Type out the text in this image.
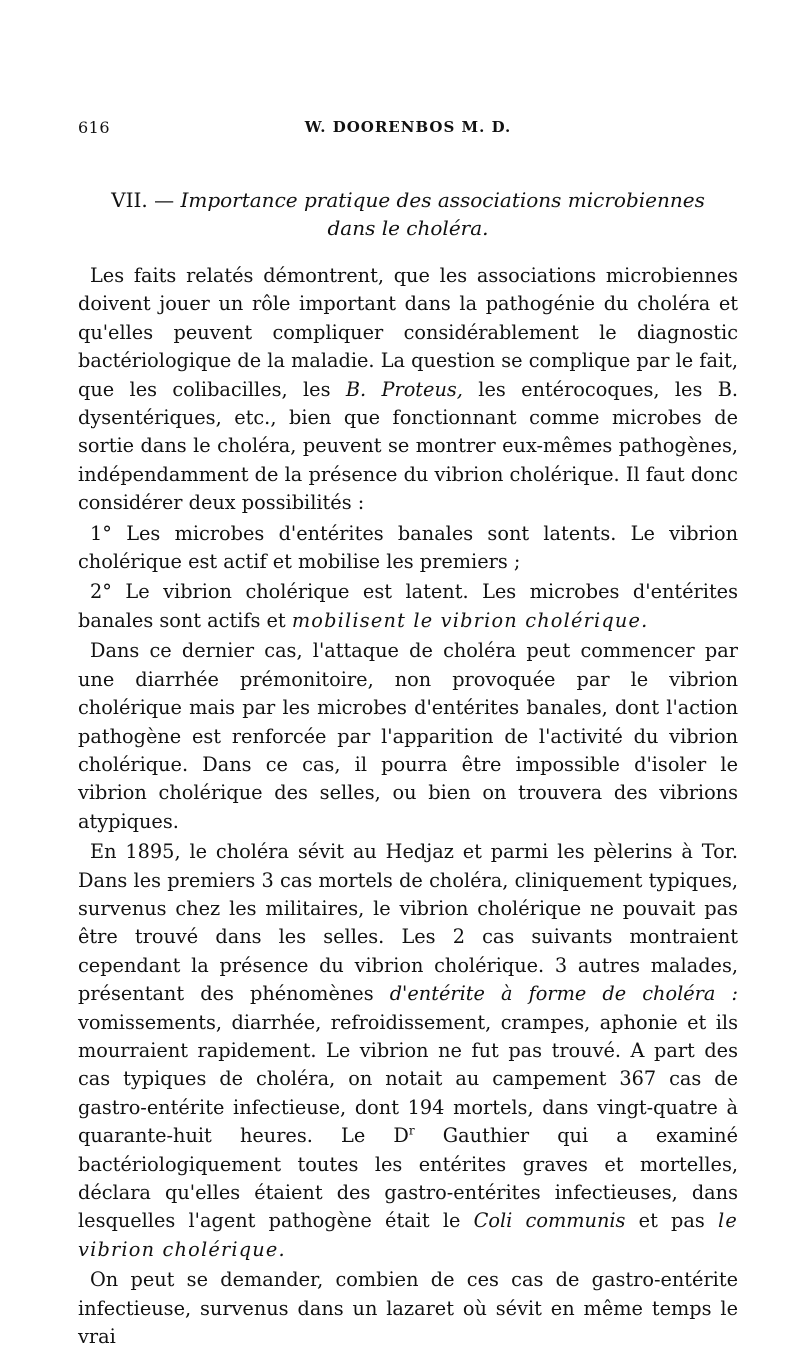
616	W. DOORENBOS M. D.
VII. — Importance pratique des associations microbiennes
dans le choléra.

Les faits relatés démontrent, que les associations microbiennes doivent jouer un rôle important dans la pathogénie du choléra et qu'elles peuvent compliquer considérablement le diagnostic bactériologique de la maladie. La question se complique par le fait, que les colibacilles, les B. Proteus, les entérocoques, les B. dysentériques, etc., bien que fonctionnant comme microbes de sortie dans le choléra, peuvent se montrer eux-mêmes pathogènes, indépendamment de la présence du vibrion cholérique. Il faut donc considérer deux possibilités :

1° Les microbes d'entérites banales sont latents. Le vibrion cholérique est actif et mobilise les premiers ;

2° Le vibrion cholérique est latent. Les microbes d'entérites banales sont actifs et mobilisent le vibrion cholérique.

Dans ce dernier cas, l'attaque de choléra peut commencer par une diarrhée prémonitoire, non provoquée par le vibrion cholérique mais par les microbes d'entérites banales, dont l'action pathogène est renforcée par l'apparition de l'activité du vibrion cholérique. Dans ce cas, il pourra être impossible d'isoler le vibrion cholérique des selles, ou bien on trouvera des vibrions atypiques.

En 1895, le choléra sévit au Hedjaz et parmi les pèlerins à Tor. Dans les premiers 3 cas mortels de choléra, cliniquement typiques, survenus chez les militaires, le vibrion cholérique ne pouvait pas être trouvé dans les selles. Les 2 cas suivants montraient cependant la présence du vibrion cholérique. 3 autres malades, présentant des phénomènes d'entérite à forme de choléra : vomissements, diarrhée, refroidissement, crampes, aphonie et ils mourraient rapidement. Le vibrion ne fut pas trouvé. A part des cas typiques de choléra, on notait au campement 367 cas de gastro-entérite infectieuse, dont 194 mortels, dans vingt-quatre à quarante-huit heures. Le $D^r$ Gauthier qui a examiné bactériologiquement toutes les entérites graves et mortelles, déclara qu'elles étaient des gastro-entérites infectieuses, dans lesquelles l'agent pathogène était le Coli communis et pas le vibrion cholérique.

On peut se demander, combien de ces cas de gastro-entérite infectieuse, survenus dans un lazaret où sévit en même temps le vrai
